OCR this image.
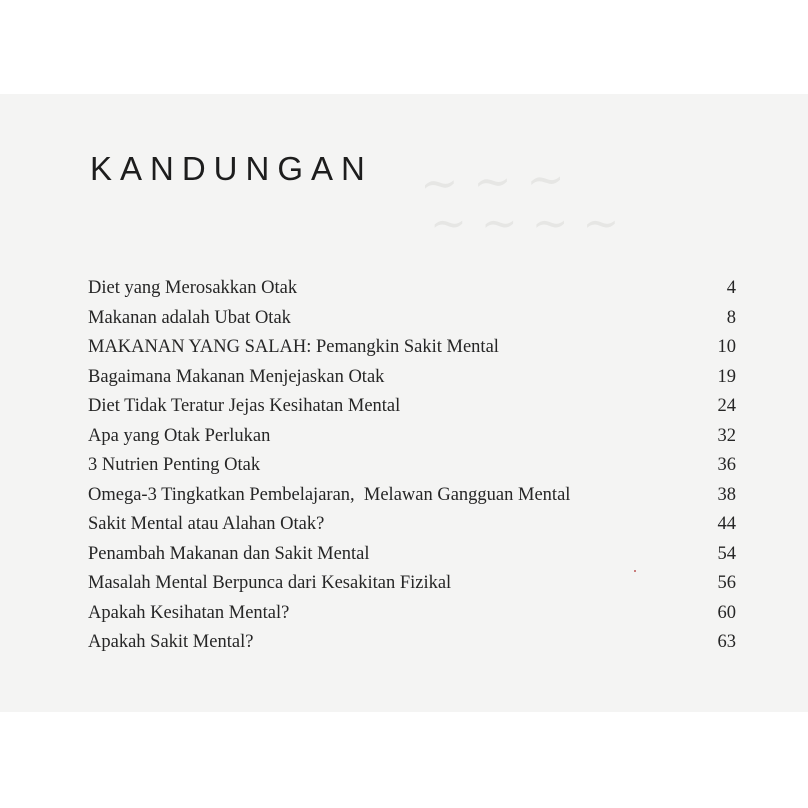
~ ~ ~
~ ~ ~ ~
KANDUNGAN
Diet yang Merosakkan Otak	4
Makanan adalah Ubat Otak	8
MAKANAN YANG SALAH: Pemangkin Sakit Mental	10
Bagaimana Makanan Menjejaskan Otak	19
Diet Tidak Teratur Jejas Kesihatan Mental	24
Apa yang Otak Perlukan	32
3 Nutrien Penting Otak	36
Omega-3 Tingkatkan Pembelajaran,  Melawan Gangguan Mental	38
Sakit Mental atau Alahan Otak?	44
Penambah Makanan dan Sakit Mental	54
Masalah Mental Berpunca dari Kesakitan Fizikal	56
Apakah Kesihatan Mental?	60
Apakah Sakit Mental?	63
